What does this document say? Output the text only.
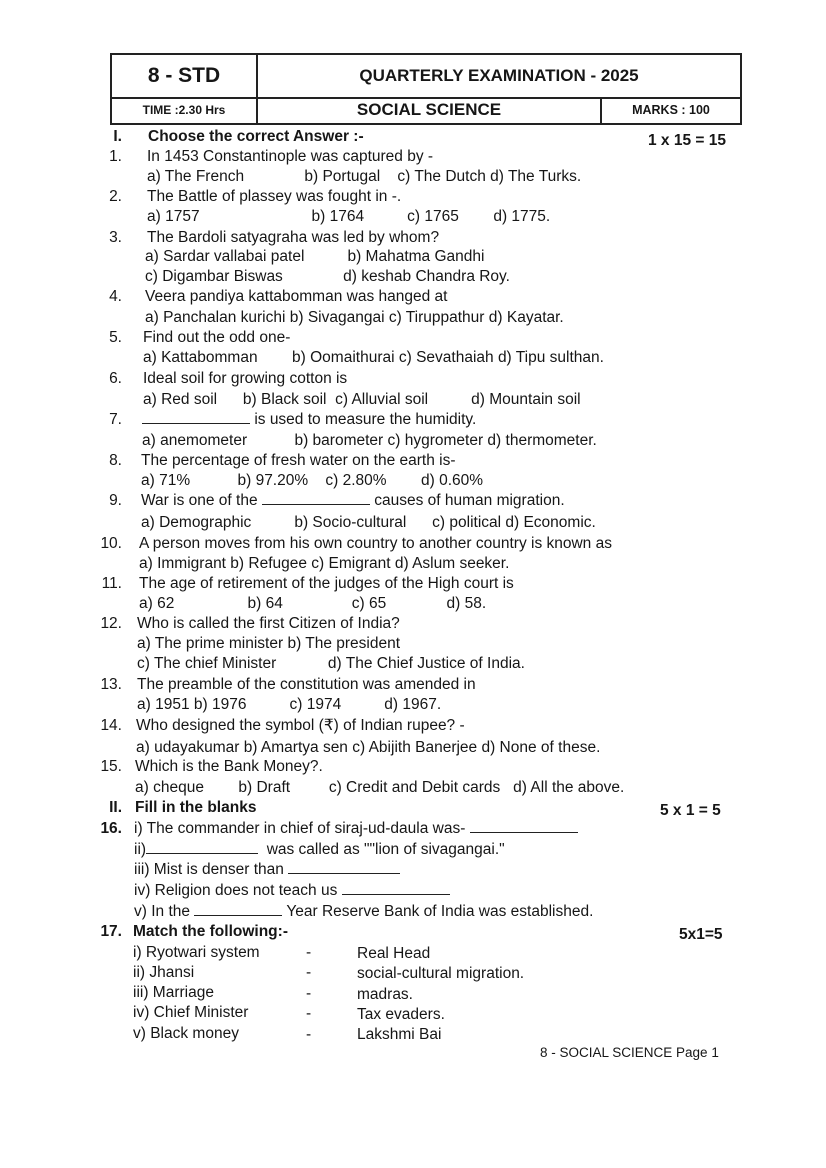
8 - STD	QUARTERLY EXAMINATION - 2025
TIME :2.30 Hrs	SOCIAL SCIENCE	MARKS : 100
I. Choose the correct Answer :-	1 x 15 = 15
1. In 1453 Constantinople was captured by -
a) The French              b) Portugal    c) The Dutch d) The Turks.
2. The Battle of plassey was fought in -.
a) 1757                          b) 1764          c) 1765        d) 1775.
3. The Bardoli satyagraha was led by whom?
a) Sardar vallabai patel          b) Mahatma Gandhi
c) Digambar Biswas              d) keshab Chandra Roy.
4. Veera pandiya kattabomman was hanged at
a) Panchalan kurichi b) Sivagangai c) Tiruppathur d) Kayatar.
5. Find out the odd one-
a) Kattabomman        b) Oomaithurai c) Sevathaiah d) Tipu sulthan.
6. Ideal soil for growing cotton is
a) Red soil      b) Black soil  c) Alluvial soil          d) Mountain soil
7.	is used to measure the humidity.
a) anemometer           b) barometer c) hygrometer d) thermometer.
8. The percentage of fresh water on the earth is-
a) 71%           b) 97.20%    c) 2.80%        d) 0.60%
9. War is one of the	causes of human migration.
a) Demographic          b) Socio-cultural      c) political d) Economic.
10. A person moves from his own country to another country is known as
a) Immigrant b) Refugee c) Emigrant d) Aslum seeker.
11. The age of retirement of the judges of the High court is
a) 62                 b) 64                c) 65              d) 58.
12. Who is called the first Citizen of India?
a) The prime minister b) The president
c) The chief Minister            d) The Chief Justice of India.
13. The preamble of the constitution was amended in
a) 1951 b) 1976          c) 1974          d) 1967.
14. Who designed the symbol (₹) of Indian rupee? -
a) udayakumar b) Amartya sen c) Abijith Banerjee d) None of these.
15. Which is the Bank Money?.
a) cheque        b) Draft         c) Credit and Debit cards   d) All the above.
II. Fill in the blanks	5 x 1 = 5
16. i) The commander in chief of siraj-ud-daula was-
ii)	was called as ""lion of sivagangai."
iii) Mist is denser than
iv) Religion does not teach us
v) In the	Year Reserve Bank of India was established.
17. Match the following:-	5x1=5
i) Ryotwari system	-	Real Head
ii) Jhansi	-	social-cultural migration.
iii) Marriage	-	madras.
iv) Chief Minister	-	Tax evaders.
v) Black money	-	Lakshmi Bai
8 - SOCIAL SCIENCE Page 1
